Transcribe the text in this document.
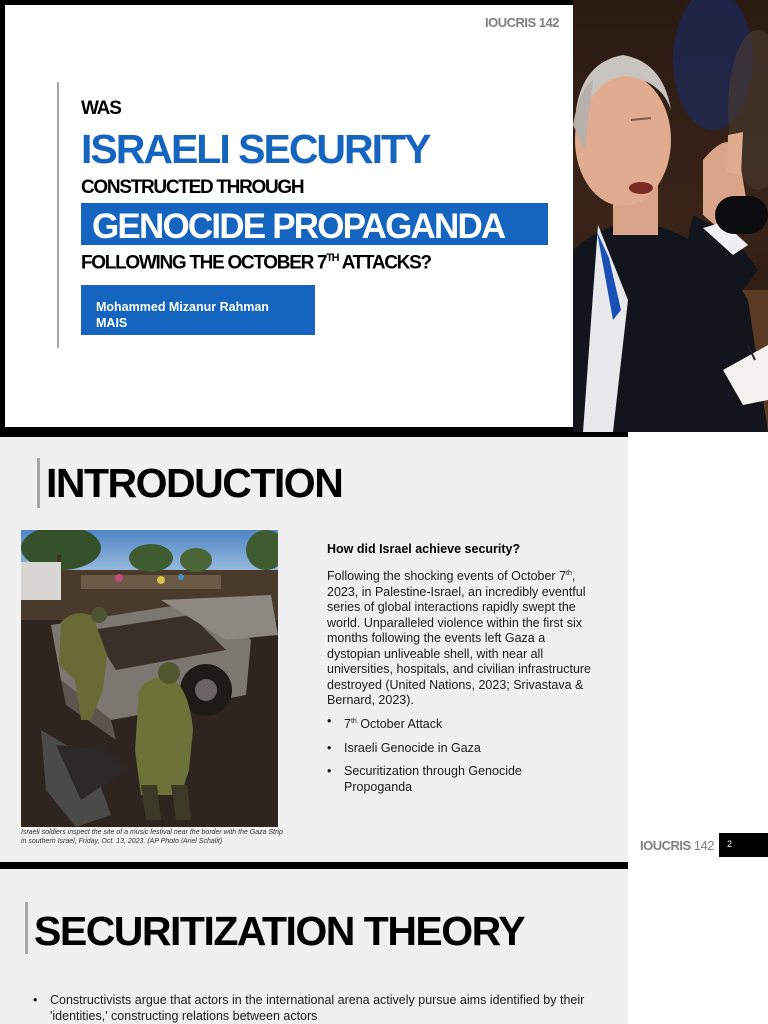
IOUCRIS 142
WAS
ISRAELI SECURITY
CONSTRUCTED THROUGH
GENOCIDE PROPAGANDA
FOLLOWING THE OCTOBER 7TH ATTACKS?
Mohammed Mizanur Rahman
MAIS
INTRODUCTION
Israeli soldiers inspect the site of a music festival near the border with the Gaza Strip in southern Israel, Friday, Oct. 13, 2023. (AP Photo /Ariel Schalit)
How did Israel achieve security?
Following the shocking events of October 7th, 2023, in Palestine-Israel, an incredibly eventful series of global interactions rapidly swept the world. Unparalleled violence within the first six months following the events left Gaza a dystopian unliveable shell, with near all universities, hospitals, and civilian infrastructure destroyed (United Nations, 2023; Srivastava & Bernard, 2023).
• 7th October Attack
• Israeli Genocide in Gaza
• Securitization through Genocide Propoganda
IOUCRIS 142 2
SECURITIZATION THEORY
• Constructivists argue that actors in the international arena actively pursue aims identified by their 'identities,' constructing relations between actors
